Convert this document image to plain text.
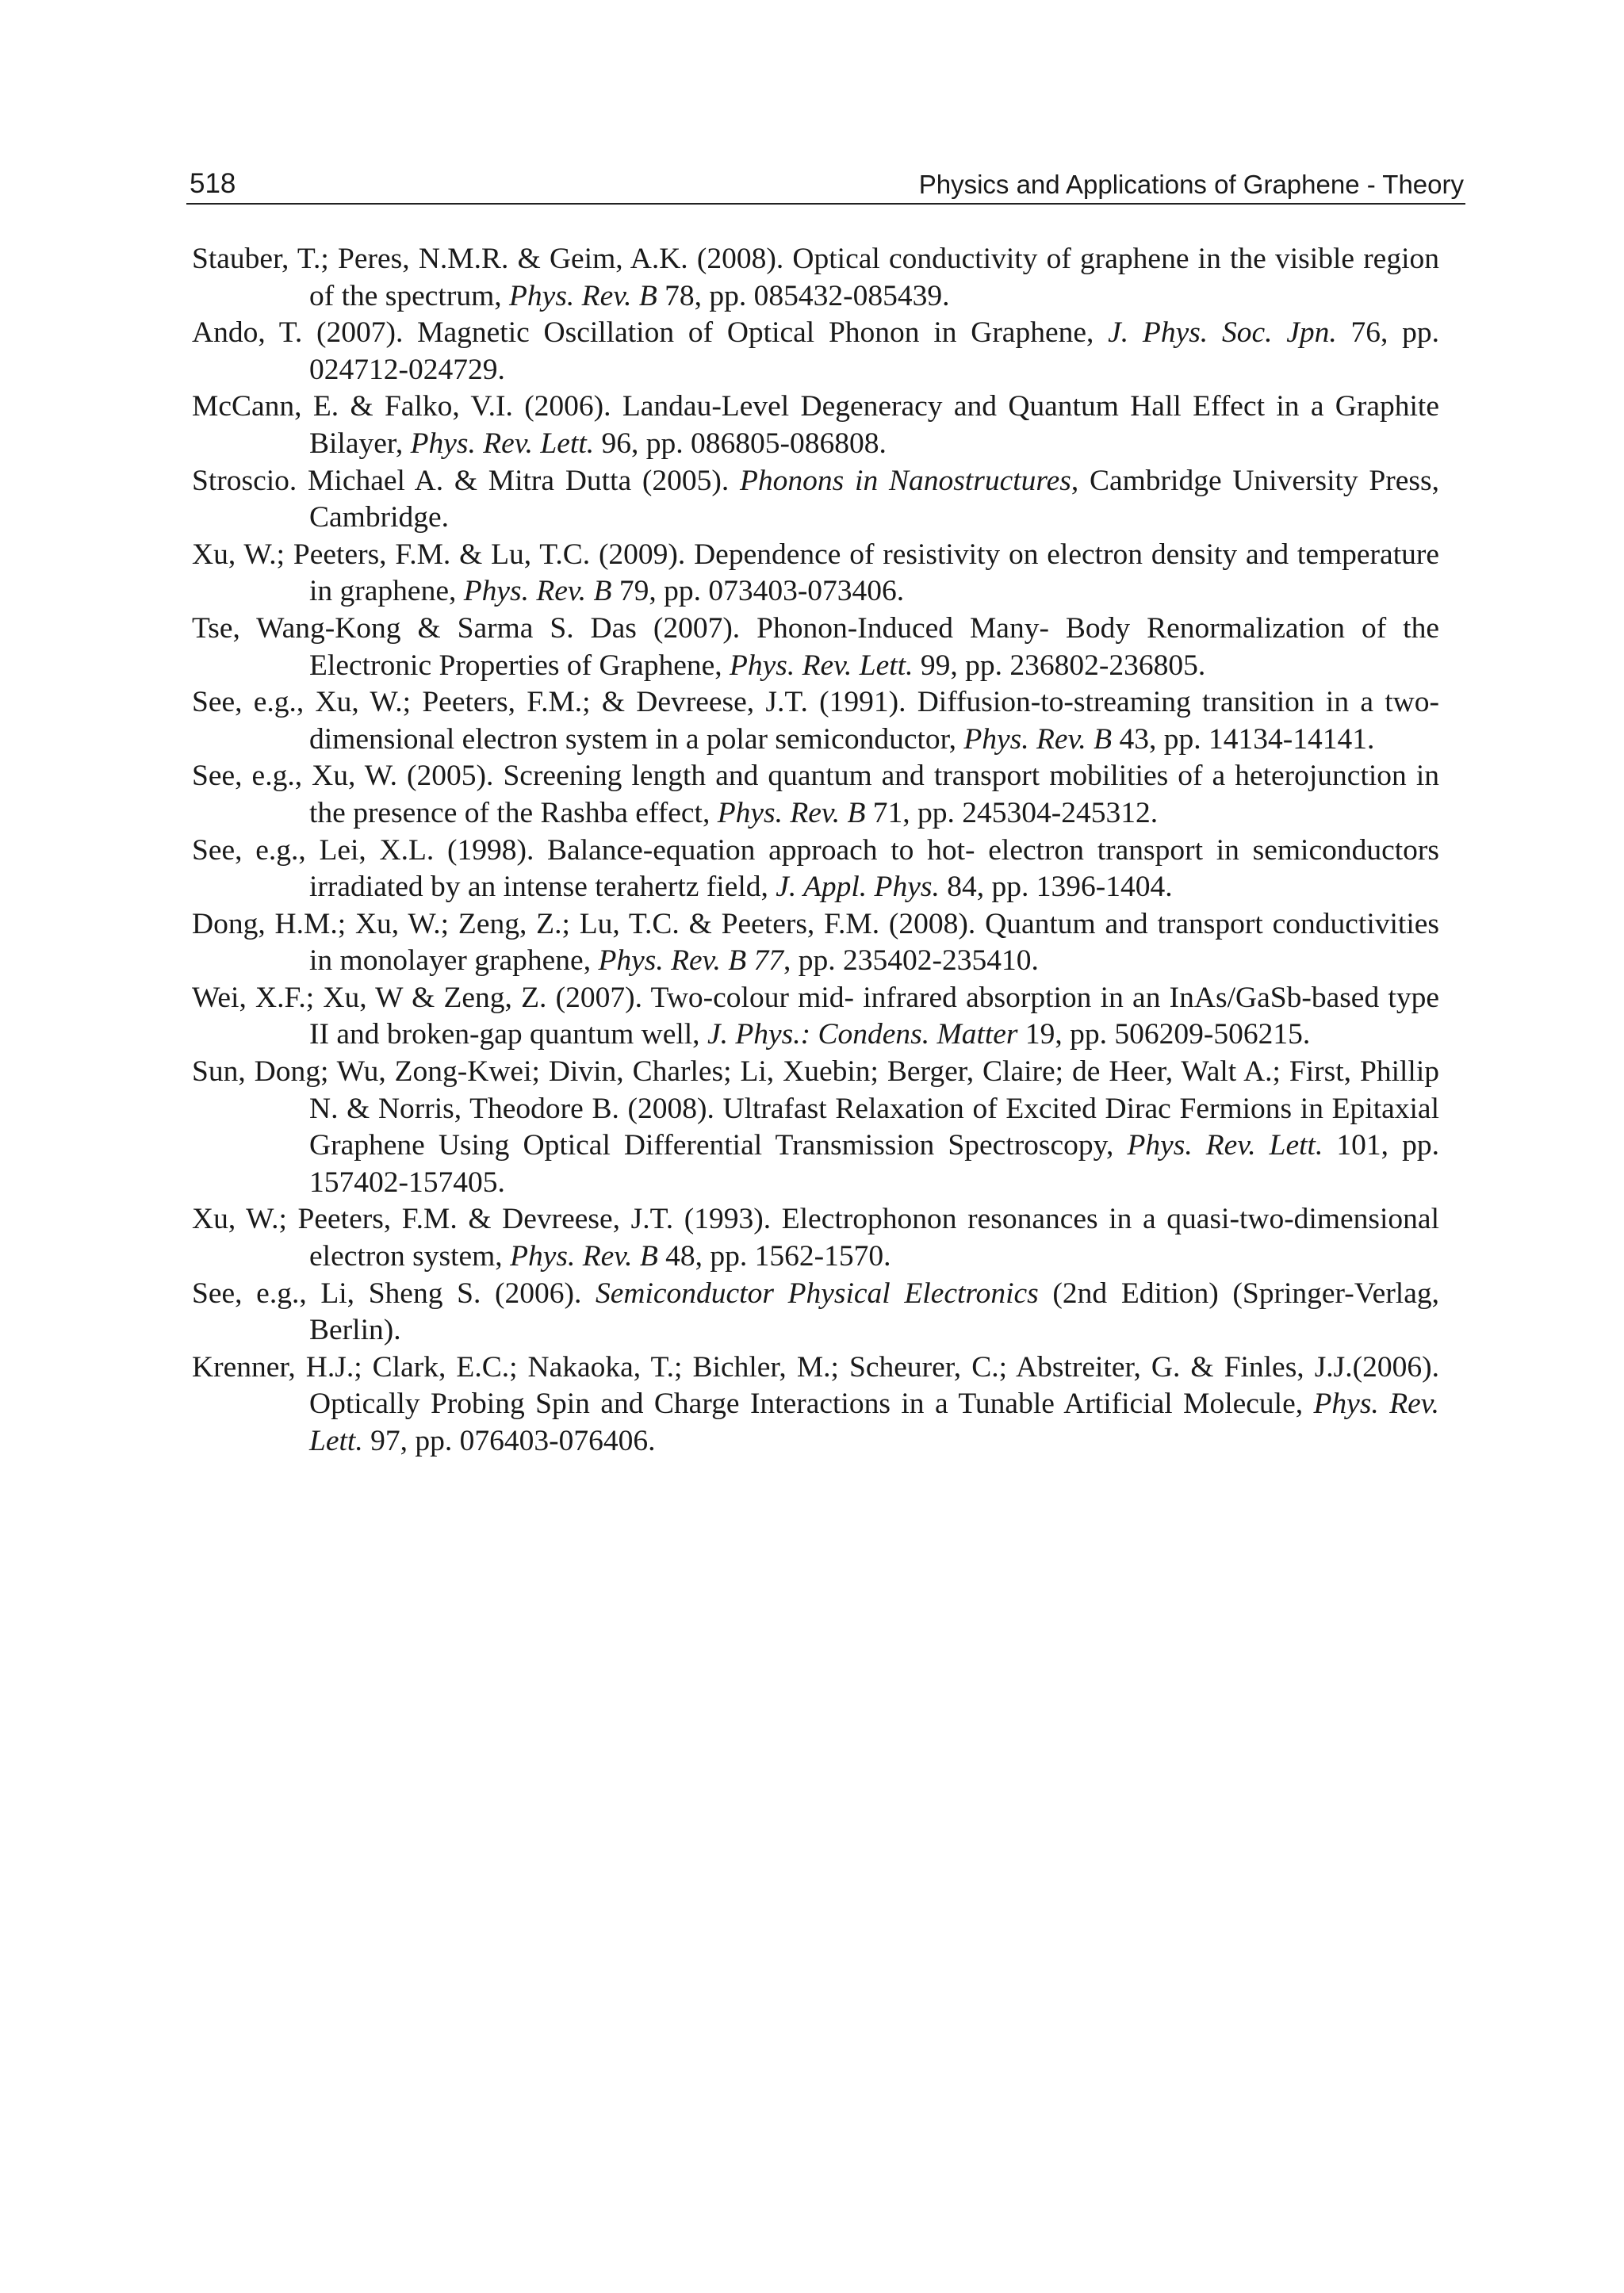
518	Physics and Applications of Graphene - Theory
Stauber, T.; Peres, N.M.R. & Geim, A.K. (2008). Optical conductivity of graphene in the visible region of the spectrum, Phys. Rev. B 78, pp. 085432-085439.
Ando, T. (2007). Magnetic Oscillation of Optical Phonon in Graphene, J. Phys. Soc. Jpn. 76, pp. 024712-024729.
McCann, E. & Falko, V.I. (2006). Landau-Level Degeneracy and Quantum Hall Effect in a Graphite Bilayer, Phys. Rev. Lett. 96, pp. 086805-086808.
Stroscio. Michael A. & Mitra Dutta (2005). Phonons in Nanostructures, Cambridge University Press, Cambridge.
Xu, W.; Peeters, F.M. & Lu, T.C. (2009). Dependence of resistivity on electron density and temperature in graphene, Phys. Rev. B 79, pp. 073403-073406.
Tse, Wang-Kong & Sarma S. Das (2007). Phonon-Induced Many- Body Renormalization of the Electronic Properties of Graphene, Phys. Rev. Lett. 99, pp. 236802-236805.
See, e.g., Xu, W.; Peeters, F.M.; & Devreese, J.T. (1991). Diffusion-to-streaming transition in a two-dimensional electron system in a polar semiconductor, Phys. Rev. B 43, pp. 14134-14141.
See, e.g., Xu, W. (2005). Screening length and quantum and transport mobilities of a heterojunction in the presence of the Rashba effect, Phys. Rev. B 71, pp. 245304-245312.
See, e.g., Lei, X.L. (1998). Balance-equation approach to hot- electron transport in semiconductors irradiated by an intense terahertz field, J. Appl. Phys. 84, pp. 1396-1404.
Dong, H.M.; Xu, W.; Zeng, Z.; Lu, T.C. & Peeters, F.M. (2008). Quantum and transport conductivities in monolayer graphene, Phys. Rev. B 77, pp. 235402-235410.
Wei, X.F.; Xu, W & Zeng, Z. (2007). Two-colour mid- infrared absorption in an InAs/GaSb-based type II and broken-gap quantum well, J. Phys.: Condens. Matter 19, pp. 506209-506215.
Sun, Dong; Wu, Zong-Kwei; Divin, Charles; Li, Xuebin; Berger, Claire; de Heer, Walt A.; First, Phillip N. & Norris, Theodore B. (2008). Ultrafast Relaxation of Excited Dirac Fermions in Epitaxial Graphene Using Optical Differential Transmission Spectroscopy, Phys. Rev. Lett. 101, pp. 157402-157405.
Xu, W.; Peeters, F.M. & Devreese, J.T. (1993). Electrophonon resonances in a quasi-two-dimensional electron system, Phys. Rev. B 48, pp. 1562-1570.
See, e.g., Li, Sheng S. (2006). Semiconductor Physical Electronics (2nd Edition) (Springer-Verlag, Berlin).
Krenner, H.J.; Clark, E.C.; Nakaoka, T.; Bichler, M.; Scheurer, C.; Abstreiter, G. & Finles, J.J.(2006). Optically Probing Spin and Charge Interactions in a Tunable Artificial Molecule, Phys. Rev. Lett. 97, pp. 076403-076406.
